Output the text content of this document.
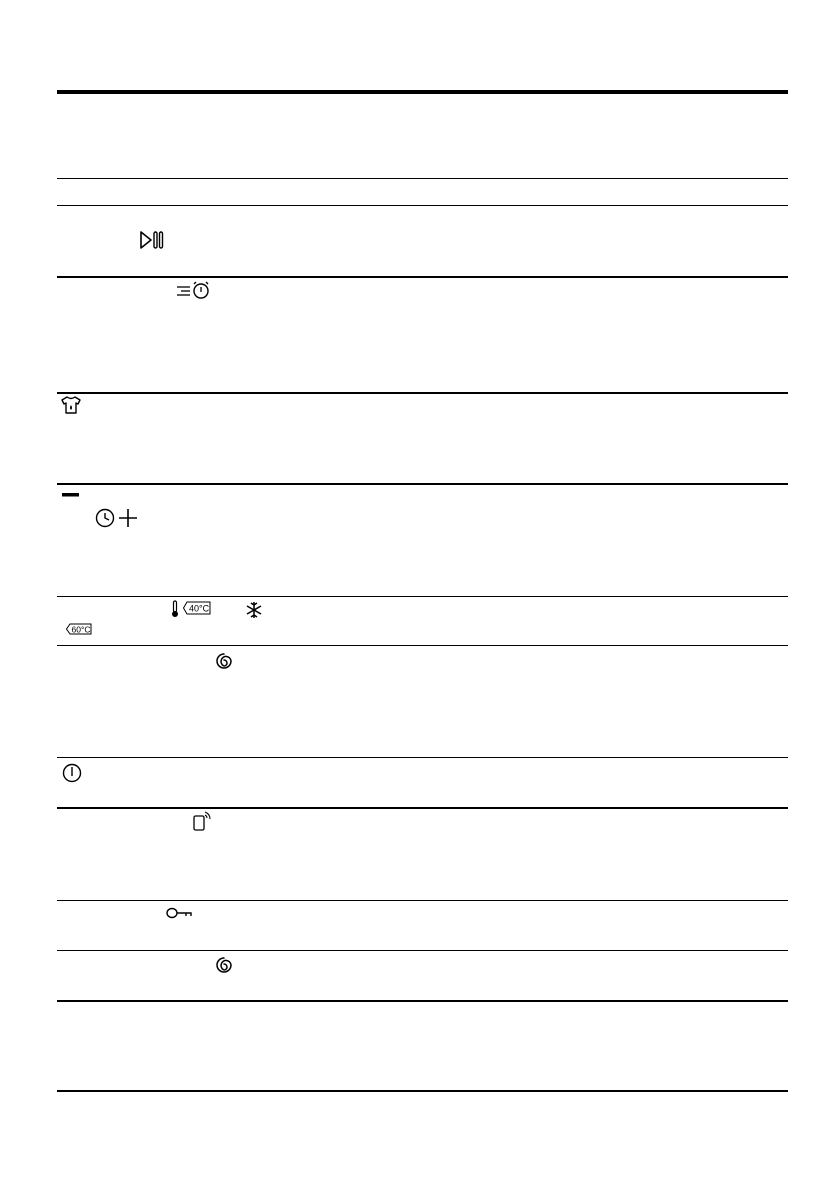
40°C
60°C
